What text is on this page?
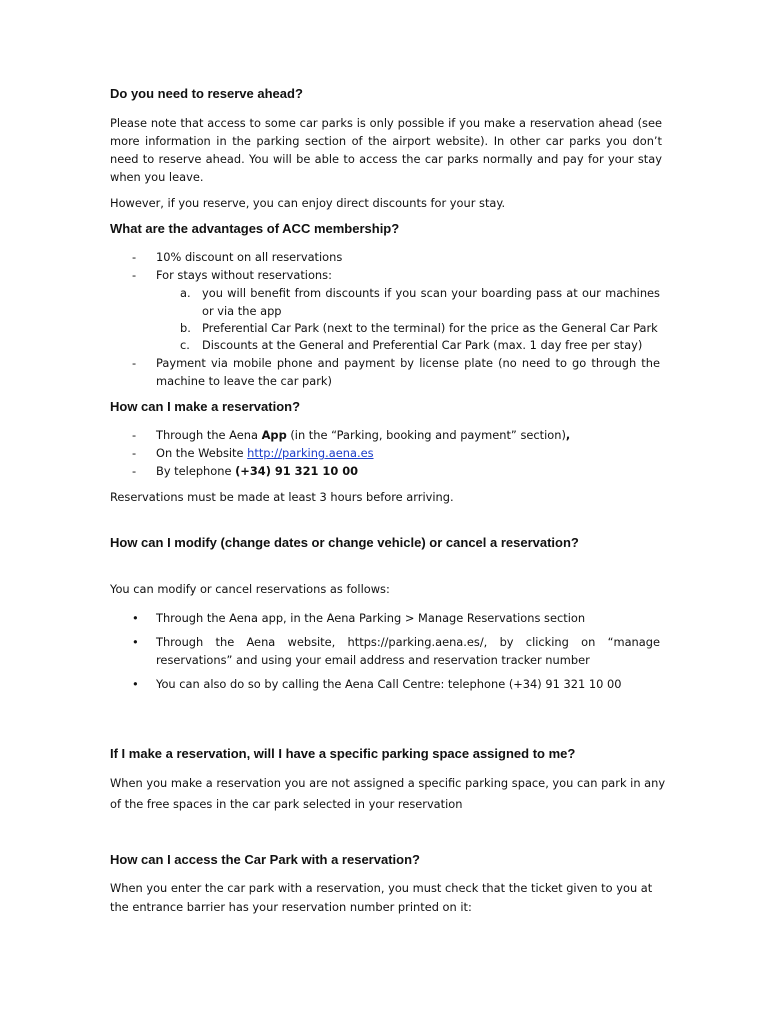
Do you need to reserve ahead?
Please note that access to some car parks is only possible if you make a reservation ahead (see more information in the parking section of the airport website). In other car parks you don’t need to reserve ahead. You will be able to access the car parks normally and pay for your stay when you leave.
However, if you reserve, you can enjoy direct discounts for your stay.
What are the advantages of ACC membership?
- 10% discount on all reservations
- For stays without reservations:
a. you will benefit from discounts if you scan your boarding pass at our machines or via the app
b. Preferential Car Park (next to the terminal) for the price as the General Car Park
c. Discounts at the General and Preferential Car Park (max. 1 day free per stay)
- Payment via mobile phone and payment by license plate (no need to go through the machine to leave the car park)
How can I make a reservation?
- Through the Aena App (in the “Parking, booking and payment” section),
- On the Website http://parking.aena.es
- By telephone (+34) 91 321 10 00
Reservations must be made at least 3 hours before arriving.
How can I modify (change dates or change vehicle) or cancel a reservation?
You can modify or cancel reservations as follows:
• Through the Aena app, in the Aena Parking > Manage Reservations section
• Through the Aena website, https://parking.aena.es/, by clicking on “manage reservations” and using your email address and reservation tracker number
• You can also do so by calling the Aena Call Centre: telephone (+34) 91 321 10 00
If I make a reservation, will I have a specific parking space assigned to me?
When you make a reservation you are not assigned a specific parking space, you can park in any
of the free spaces in the car park selected in your reservation
How can I access the Car Park with a reservation?
When you enter the car park with a reservation, you must check that the ticket given to you at
the entrance barrier has your reservation number printed on it:
